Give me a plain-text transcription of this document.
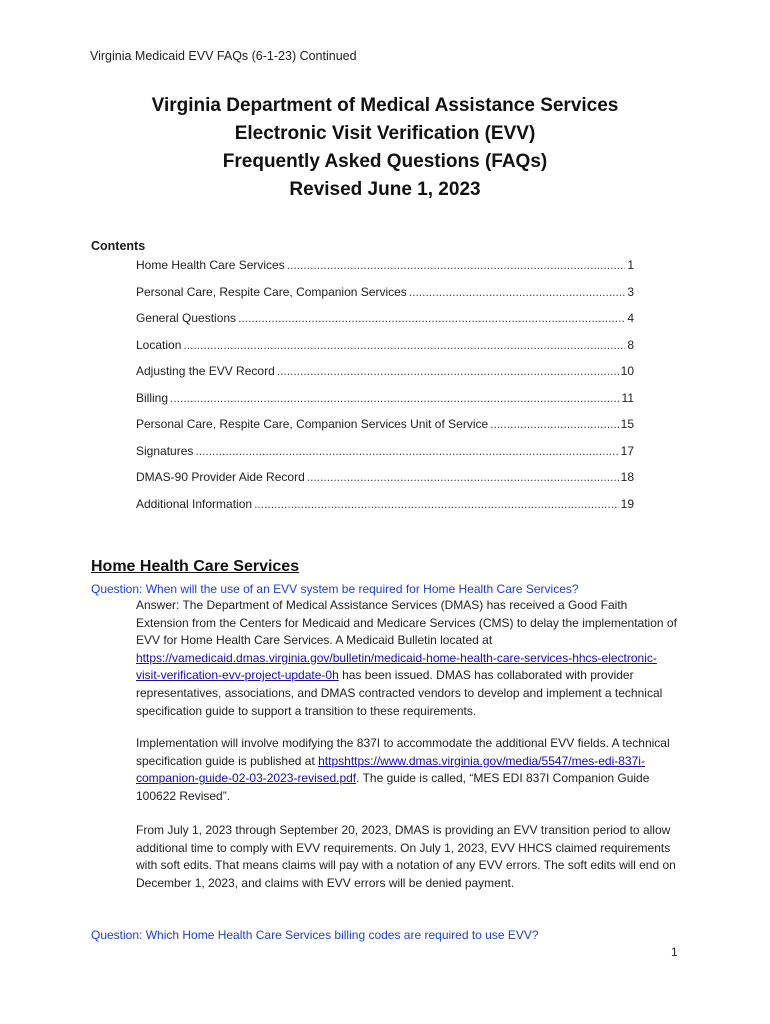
Virginia Medicaid EVV FAQs (6-1-23) Continued
Virginia Department of Medical Assistance Services
Electronic Visit Verification (EVV)
Frequently Asked Questions (FAQs)
Revised June 1, 2023
Contents
Home Health Care Services .....	1
Personal Care, Respite Care, Companion Services .....	3
General Questions .....	4
Location .....	8
Adjusting the EVV Record .....	10
Billing .....	11
Personal Care, Respite Care, Companion Services Unit of Service .....	15
Signatures .....	17
DMAS-90 Provider Aide Record .....	18
Additional Information .....	19
Home Health Care Services
Question: When will the use of an EVV system be required for Home Health Care Services?

Answer: The Department of Medical Assistance Services (DMAS) has received a Good Faith Extension from the Centers for Medicaid and Medicare Services (CMS) to delay the implementation of EVV for Home Health Care Services. A Medicaid Bulletin located at https://vamedicaid.dmas.virginia.gov/bulletin/medicaid-home-health-care-services-hhcs-electronic-visit-verification-evv-project-update-0h has been issued. DMAS has collaborated with provider representatives, associations, and DMAS contracted vendors to develop and implement a technical specification guide to support a transition to these requirements.

Implementation will involve modifying the 837I to accommodate the additional EVV fields. A technical specification guide is published at httpshttps://www.dmas.virginia.gov/media/5547/mes-edi-837i-companion-guide-02-03-2023-revised.pdf. The guide is called, “MES EDI 837I Companion Guide 100622 Revised”.

From July 1, 2023 through September 20, 2023, DMAS is providing an EVV transition period to allow additional time to comply with EVV requirements. On July 1, 2023, EVV HHCS claimed requirements with soft edits. That means claims will pay with a notation of any EVV errors. The soft edits will end on December 1, 2023, and claims with EVV errors will be denied payment.

Question: Which Home Health Care Services billing codes are required to use EVV?
1
